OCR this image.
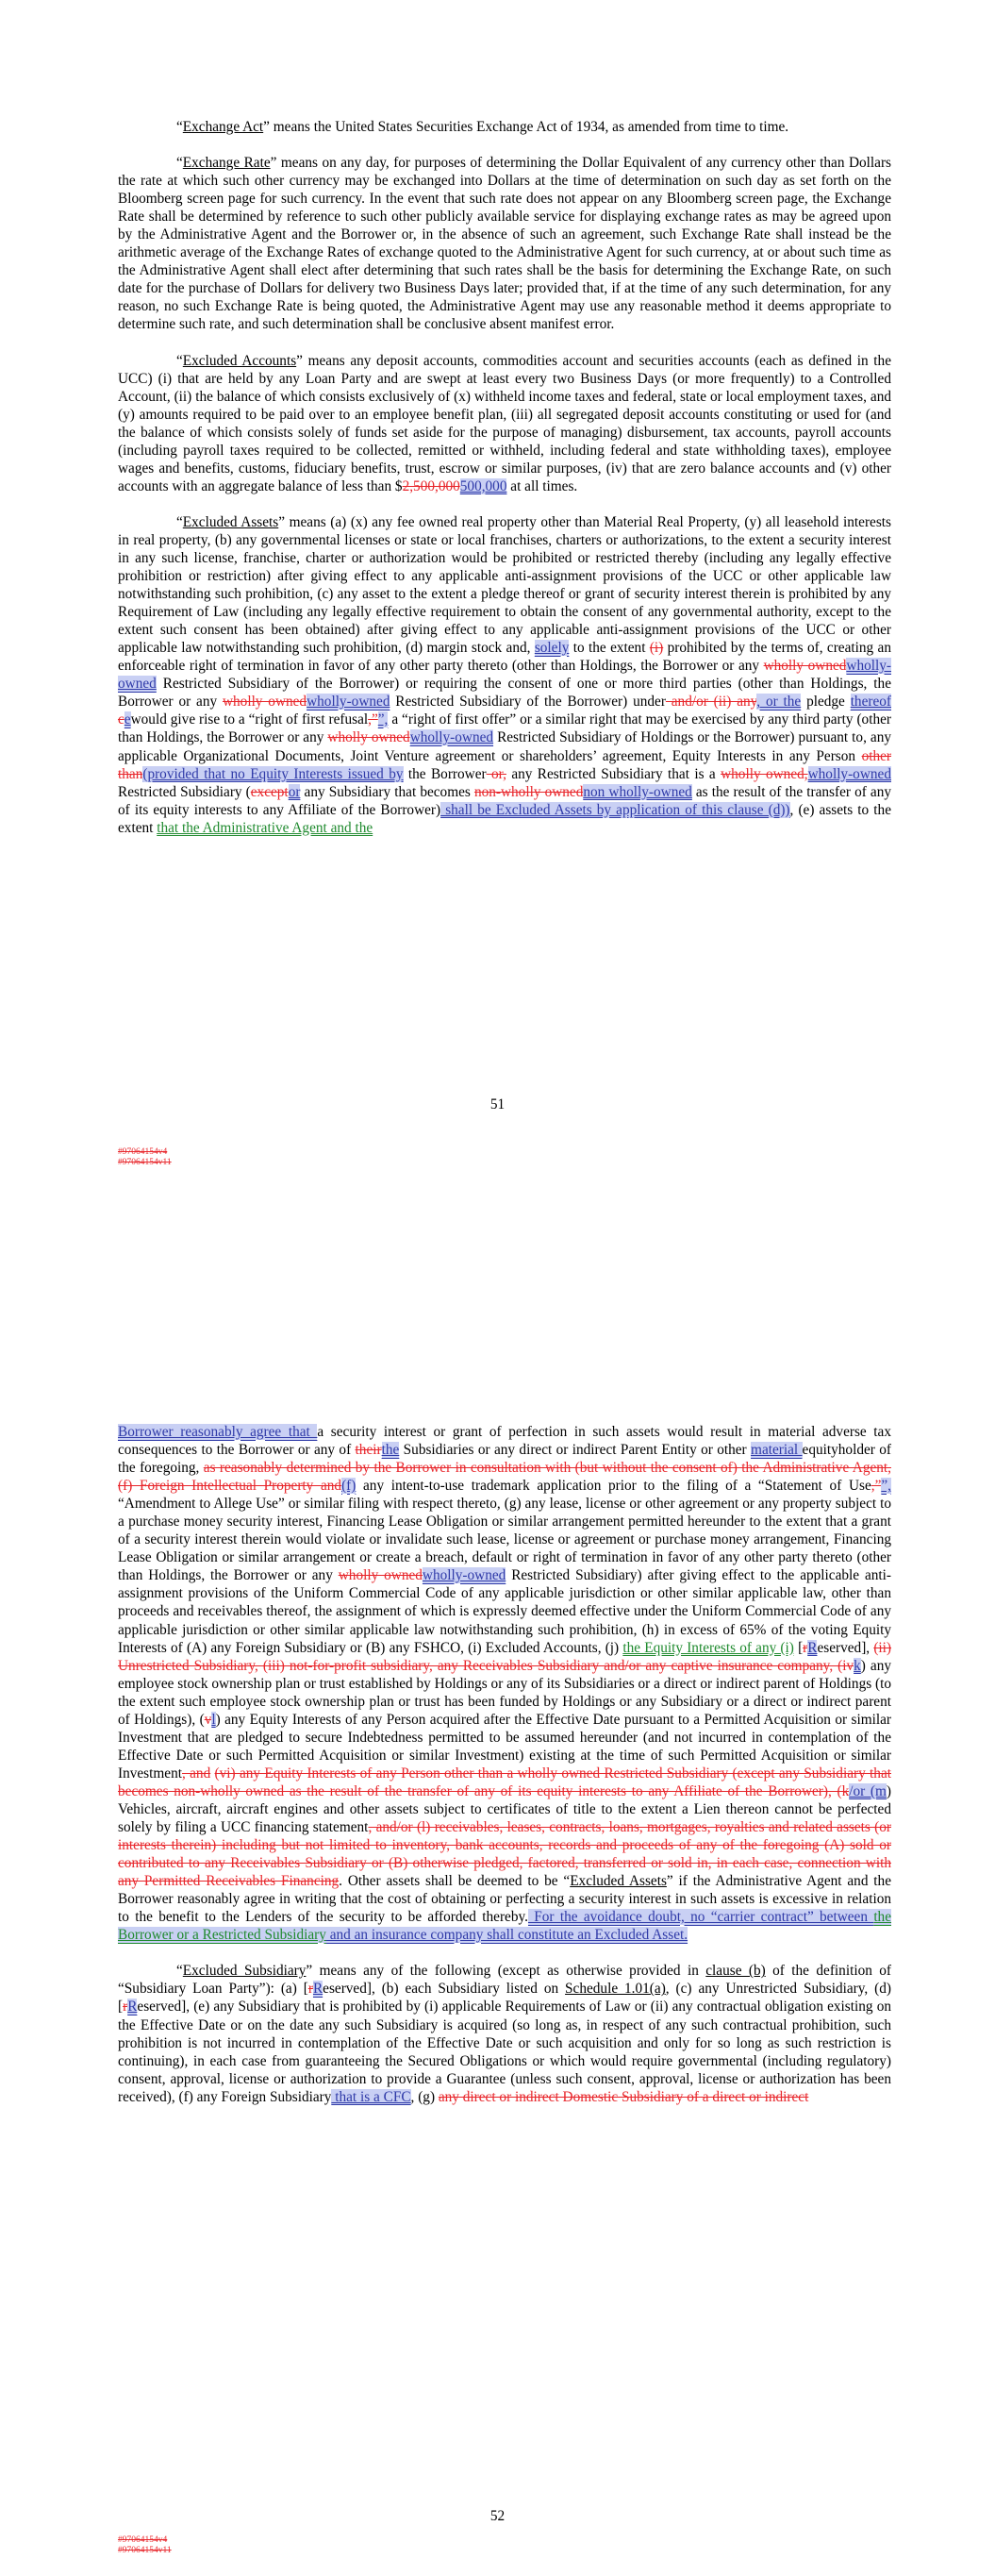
“Exchange Act” means the United States Securities Exchange Act of 1934, as amended from time to time.

“Exchange Rate” means on any day, for purposes of determining the Dollar Equivalent of any currency other than Dollars the rate at which such other currency may be exchanged into Dollars at the time of determination on such day as set forth on the Bloomberg screen page for such currency. In the event that such rate does not appear on any Bloomberg screen page, the Exchange Rate shall be determined by reference to such other publicly available service for displaying exchange rates as may be agreed upon by the Administrative Agent and the Borrower or, in the absence of such an agreement, such Exchange Rate shall instead be the arithmetic average of the Exchange Rates of exchange quoted to the Administrative Agent for such currency, at or about such time as the Administrative Agent shall elect after determining that such rates shall be the basis for determining the Exchange Rate, on such date for the purchase of Dollars for delivery two Business Days later; provided that, if at the time of any such determination, for any reason, no such Exchange Rate is being quoted, the Administrative Agent may use any reasonable method it deems appropriate to determine such rate, and such determination shall be conclusive absent manifest error.

“Excluded Accounts” means any deposit accounts, commodities account and securities accounts (each as defined in the UCC) (i) that are held by any Loan Party and are swept at least every two Business Days (or more frequently) to a Controlled Account, (ii) the balance of which consists exclusively of (x) withheld income taxes and federal, state or local employment taxes, and (y) amounts required to be paid over to an employee benefit plan, (iii) all segregated deposit accounts constituting or used for (and the balance of which consists solely of funds set aside for the purpose of managing) disbursement, tax accounts, payroll accounts (including payroll taxes required to be collected, remitted or withheld, including federal and state withholding taxes), employee wages and benefits, customs, fiduciary benefits, trust, escrow or similar purposes, (iv) that are zero balance accounts and (v) other accounts with an aggregate balance of less than $2,500,000500,000 at all times.

“Excluded Assets” means (a) (x) any fee owned real property other than Material Real Property, (y) all leasehold interests in real property, (b) any governmental licenses or state or local franchises, charters or authorizations, to the extent a security interest in any such license, franchise, charter or authorization would be prohibited or restricted thereby (including any legally effective prohibition or restriction) after giving effect to any applicable anti-assignment provisions of the UCC or other applicable law notwithstanding such prohibition, (c) any asset to the extent a pledge thereof or grant of security interest therein is prohibited by any Requirement of Law (including any legally effective requirement to obtain the consent of any governmental authority, except to the extent such consent has been obtained) after giving effect to any applicable anti-assignment provisions of the UCC or other applicable law notwithstanding such prohibition, (d) margin stock and, solely to the extent (i) prohibited by the terms of, creating an enforceable right of termination in favor of any other party thereto (other than Holdings, the Borrower or any wholly ownedwholly-owned Restricted Subsidiary of the Borrower) or requiring the consent of one or more third parties (other than Holdings, the Borrower or any wholly ownedwholly-owned Restricted Subsidiary of the Borrower) under and/or (ii) any, or the pledge thereof cewould give rise to a “right of first refusal,””, a “right of first offer” or a similar right that may be exercised by any third party (other than Holdings, the Borrower or any wholly ownedwholly-owned Restricted Subsidiary of Holdings or the Borrower) pursuant to, any applicable Organizational Documents, Joint Venture agreement or shareholders’ agreement, Equity Interests in any Person other than(provided that no Equity Interests issued by the Borrower or, any Restricted Subsidiary that is a wholly owned,wholly-owned Restricted Subsidiary (exceptor any Subsidiary that becomes non-wholly ownednon wholly-owned as the result of the transfer of any of its equity interests to any Affiliate of the Borrower) shall be Excluded Assets by application of this clause (d)), (e) assets to the extent that the Administrative Agent and the

51
#97064154v4
#97064154v11

Borrower reasonably agree that a security interest or grant of perfection in such assets would result in material adverse tax consequences to the Borrower or any of theirthe Subsidiaries or any direct or indirect Parent Entity or other material equityholder of the foregoing, as reasonably determined by the Borrower in consultation with (but without the consent of) the Administrative Agent, (f) Foreign Intellectual Property and(f) any intent-to-use trademark application prior to the filing of a “Statement of Use,””, “Amendment to Allege Use” or similar filing with respect thereto, (g) any lease, license or other agreement or any property subject to a purchase money security interest, Financing Lease Obligation or similar arrangement permitted hereunder to the extent that a grant of a security interest therein would violate or invalidate such lease, license or agreement or purchase money arrangement, Financing Lease Obligation or similar arrangement or create a breach, default or right of termination in favor of any other party thereto (other than Holdings, the Borrower or any wholly ownedwholly-owned Restricted Subsidiary) after giving effect to the applicable anti-assignment provisions of the Uniform Commercial Code of any applicable jurisdiction or other similar applicable law, other than proceeds and receivables thereof, the assignment of which is expressly deemed effective under the Uniform Commercial Code of any applicable jurisdiction or other similar applicable law notwithstanding such prohibition, (h) in excess of 65% of the voting Equity Interests of (A) any Foreign Subsidiary or (B) any FSHCO, (i) Excluded Accounts, (j) the Equity Interests of any (i) [rReserved], (ii) Unrestricted Subsidiary, (iii) not-for-profit subsidiary, any Receivables Subsidiary and/or any captive insurance company, (ivk) any employee stock ownership plan or trust established by Holdings or any of its Subsidiaries or a direct or indirect parent of Holdings (to the extent such employee stock ownership plan or trust has been funded by Holdings or any Subsidiary or a direct or indirect parent of Holdings), (vl) any Equity Interests of any Person acquired after the Effective Date pursuant to a Permitted Acquisition or similar Investment that are pledged to secure Indebtedness permitted to be assumed hereunder (and not incurred in contemplation of the Effective Date or such Permitted Acquisition or similar Investment) existing at the time of such Permitted Acquisition or similar Investment, and (vi) any Equity Interests of any Person other than a wholly owned Restricted Subsidiary (except any Subsidiary that becomes non-wholly owned as the result of the transfer of any of its equity interests to any Affiliate of the Borrower), (k/or (m) Vehicles, aircraft, aircraft engines and other assets subject to certificates of title to the extent a Lien thereon cannot be perfected solely by filing a UCC financing statement, and/or (l) receivables, leases, contracts, loans, mortgages, royalties and related assets (or interests therein) including but not limited to inventory, bank accounts, records and proceeds of any of the foregoing (A) sold or contributed to any Receivables Subsidiary or (B) otherwise pledged, factored, transferred or sold in, in each case, connection with any Permitted Receivables Financing. Other assets shall be deemed to be “Excluded Assets” if the Administrative Agent and the Borrower reasonably agree in writing that the cost of obtaining or perfecting a security interest in such assets is excessive in relation to the benefit to the Lenders of the security to be afforded thereby. For the avoidance doubt, no “carrier contract” between the Borrower or a Restricted Subsidiary and an insurance company shall constitute an Excluded Asset.

“Excluded Subsidiary” means any of the following (except as otherwise provided in clause (b) of the definition of “Subsidiary Loan Party”): (a) [rReserved], (b) each Subsidiary listed on Schedule 1.01(a), (c) any Unrestricted Subsidiary, (d) [rReserved], (e) any Subsidiary that is prohibited by (i) applicable Requirements of Law or (ii) any contractual obligation existing on the Effective Date or on the date any such Subsidiary is acquired (so long as, in respect of any such contractual prohibition, such prohibition is not incurred in contemplation of the Effective Date or such acquisition and only for so long as such restriction is continuing), in each case from guaranteeing the Secured Obligations or which would require governmental (including regulatory) consent, approval, license or authorization to provide a Guarantee (unless such consent, approval, license or authorization has been received), (f) any Foreign Subsidiary that is a CFC, (g) any direct or indirect Domestic Subsidiary of a direct or indirect

52
#97064154v4
#97064154v11
